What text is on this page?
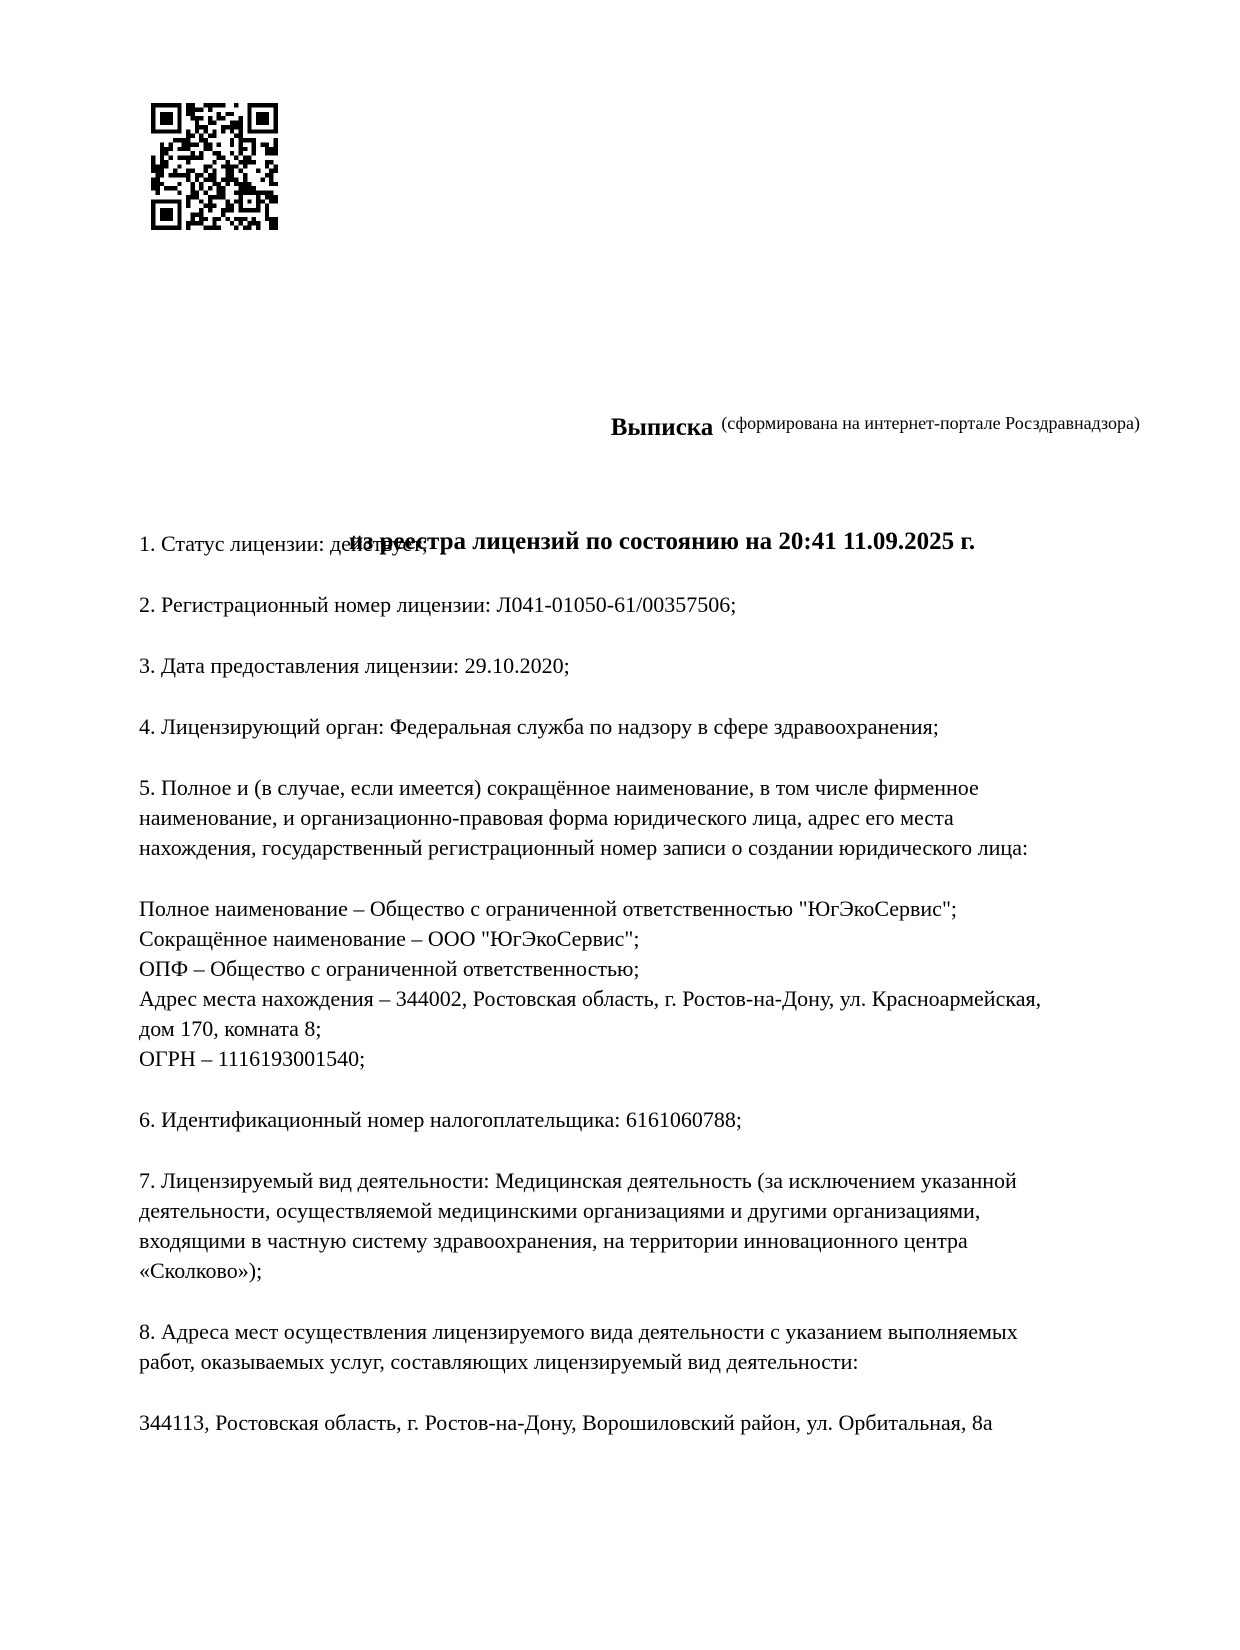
Выписка

из реестра лицензий по состоянию на 20:41 11.09.2025 г.

(сформирована на интернет-портале Росздравнадзора)

1. Статус лицензии: действует;

2. Регистрационный номер лицензии: Л041-01050-61/00357506;

3. Дата предоставления лицензии: 29.10.2020;

4. Лицензирующий орган: Федеральная служба по надзору в сфере здравоохранения;

5. Полное и (в случае, если имеется) сокращённое наименование, в том числе фирменное
наименование, и организационно-правовая форма юридического лица, адрес его места
нахождения, государственный регистрационный номер записи о создании юридического лица:

Полное наименование – Общество с ограниченной ответственностью "ЮгЭкоСервис";
Сокращённое наименование – ООО "ЮгЭкоСервис";
ОПФ – Общество с ограниченной ответственностью;
Адрес места нахождения – 344002, Ростовская область, г. Ростов-на-Дону, ул. Красноармейская,
дом 170, комната 8;
ОГРН – 1116193001540;

6. Идентификационный номер налогоплательщика: 6161060788;

7. Лицензируемый вид деятельности: Медицинская деятельность (за исключением указанной
деятельности, осуществляемой медицинскими организациями и другими организациями,
входящими в частную систему здравоохранения, на территории инновационного центра
«Сколково»);

8. Адреса мест осуществления лицензируемого вида деятельности с указанием выполняемых
работ, оказываемых услуг, составляющих лицензируемый вид деятельности:

344113, Ростовская область, г. Ростов-на-Дону, Ворошиловский район, ул. Орбитальная, 8а
